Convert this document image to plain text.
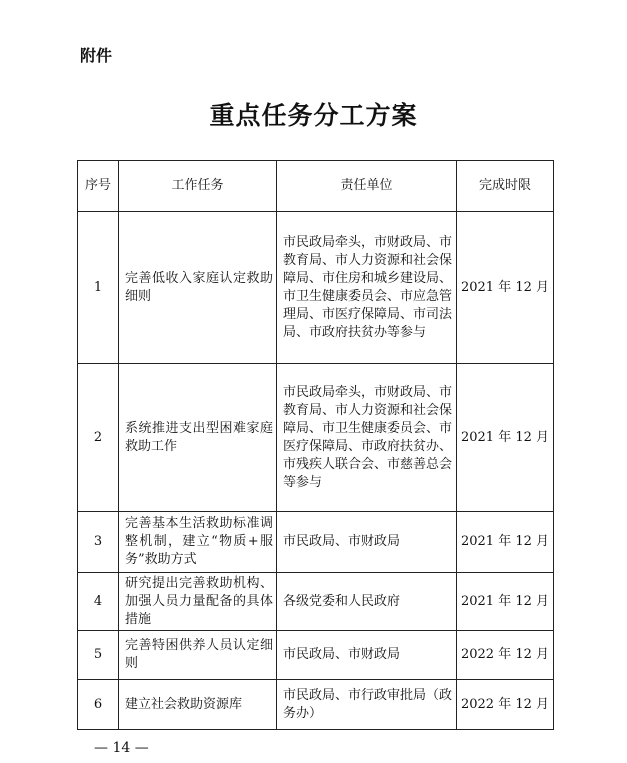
附件
重点任务分工方案
序号	工作任务	责任单位	完成时限
1	完善低收入家庭认定救助细则	市民政局牵头，市财政局、市教育局、市人力资源和社会保障局、市住房和城乡建设局、市卫生健康委员会、市应急管理局、市医疗保障局、市司法局、市政府扶贫办等参与	2021 年 12 月
2	系统推进支出型困难家庭救助工作	市民政局牵头，市财政局、市教育局、市人力资源和社会保障局、市卫生健康委员会、市医疗保障局、市政府扶贫办、市残疾人联合会、市慈善总会等参与	2021 年 12 月
3	完善基本生活救助标准调整机制，建立“物质+服务”救助方式	市民政局、市财政局	2021 年 12 月
4	研究提出完善救助机构、加强人员力量配备的具体措施	各级党委和人民政府	2021 年 12 月
5	完善特困供养人员认定细则	市民政局、市财政局	2022 年 12 月
6	建立社会救助资源库	市民政局、市行政审批局（政务办）	2022 年 12 月
— 14 —
